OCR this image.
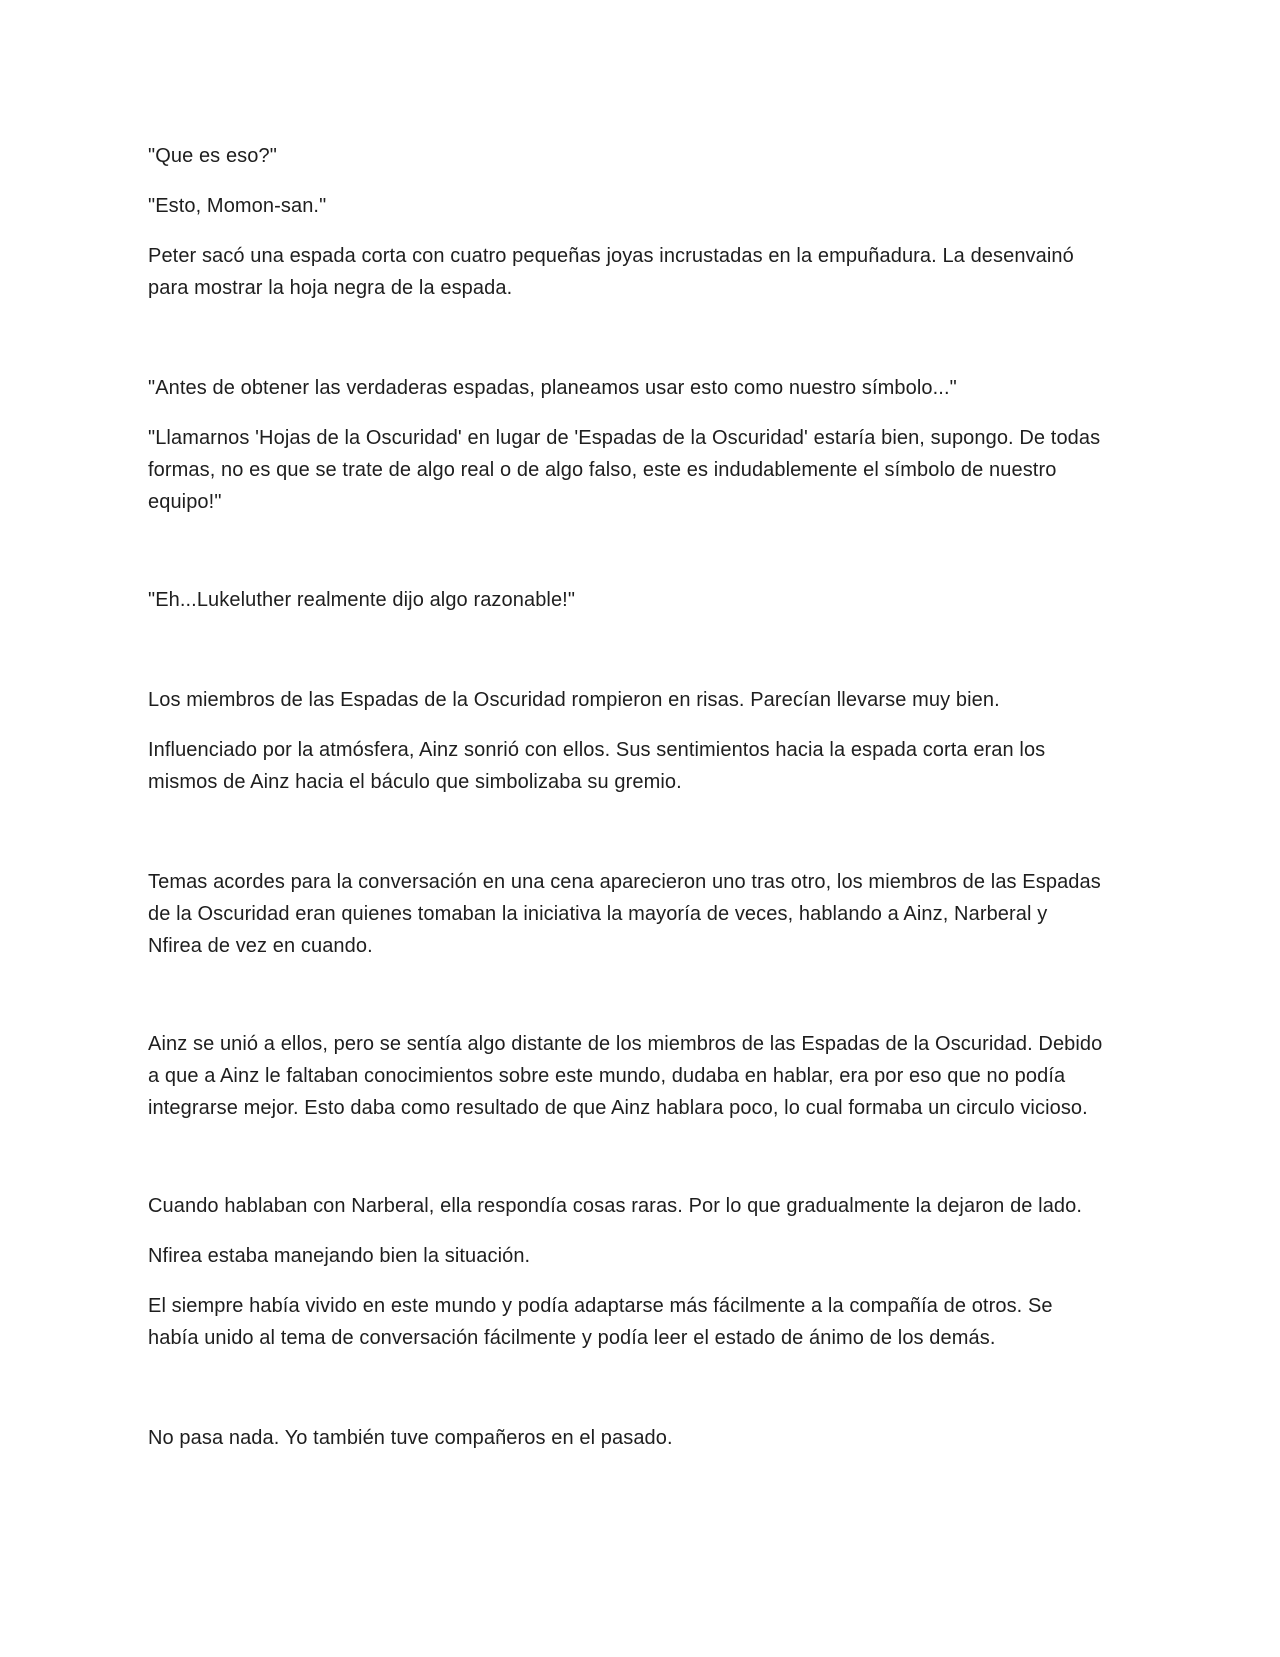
"Que es eso?"

"Esto, Momon-san."

Peter sacó una espada corta con cuatro pequeñas joyas incrustadas en la empuñadura. La desenvainó
para mostrar la hoja negra de la espada.

"Antes de obtener las verdaderas espadas, planeamos usar esto como nuestro símbolo..."

"Llamarnos 'Hojas de la Oscuridad' en lugar de 'Espadas de la Oscuridad' estaría bien, supongo. De todas
formas, no es que se trate de algo real o de algo falso, este es indudablemente el símbolo de nuestro
equipo!"

"Eh...Lukeluther realmente dijo algo razonable!"

Los miembros de las Espadas de la Oscuridad rompieron en risas. Parecían llevarse muy bien.

Influenciado por la atmósfera, Ainz sonrió con ellos. Sus sentimientos hacia la espada corta eran los
mismos de Ainz hacia el báculo que simbolizaba su gremio.

Temas acordes para la conversación en una cena aparecieron uno tras otro, los miembros de las Espadas
de la Oscuridad eran quienes tomaban la iniciativa la mayoría de veces, hablando a Ainz, Narberal y
Nfirea de vez en cuando.

Ainz se unió a ellos, pero se sentía algo distante de los miembros de las Espadas de la Oscuridad. Debido
a que a Ainz le faltaban conocimientos sobre este mundo, dudaba en hablar, era por eso que no podía
integrarse mejor. Esto daba como resultado de que Ainz hablara poco, lo cual formaba un circulo vicioso.

Cuando hablaban con Narberal, ella respondía cosas raras. Por lo que gradualmente la dejaron de lado.

Nfirea estaba manejando bien la situación.

El siempre había vivido en este mundo y podía adaptarse más fácilmente a la compañía de otros. Se
había unido al tema de conversación fácilmente y podía leer el estado de ánimo de los demás.

No pasa nada. Yo también tuve compañeros en el pasado.
